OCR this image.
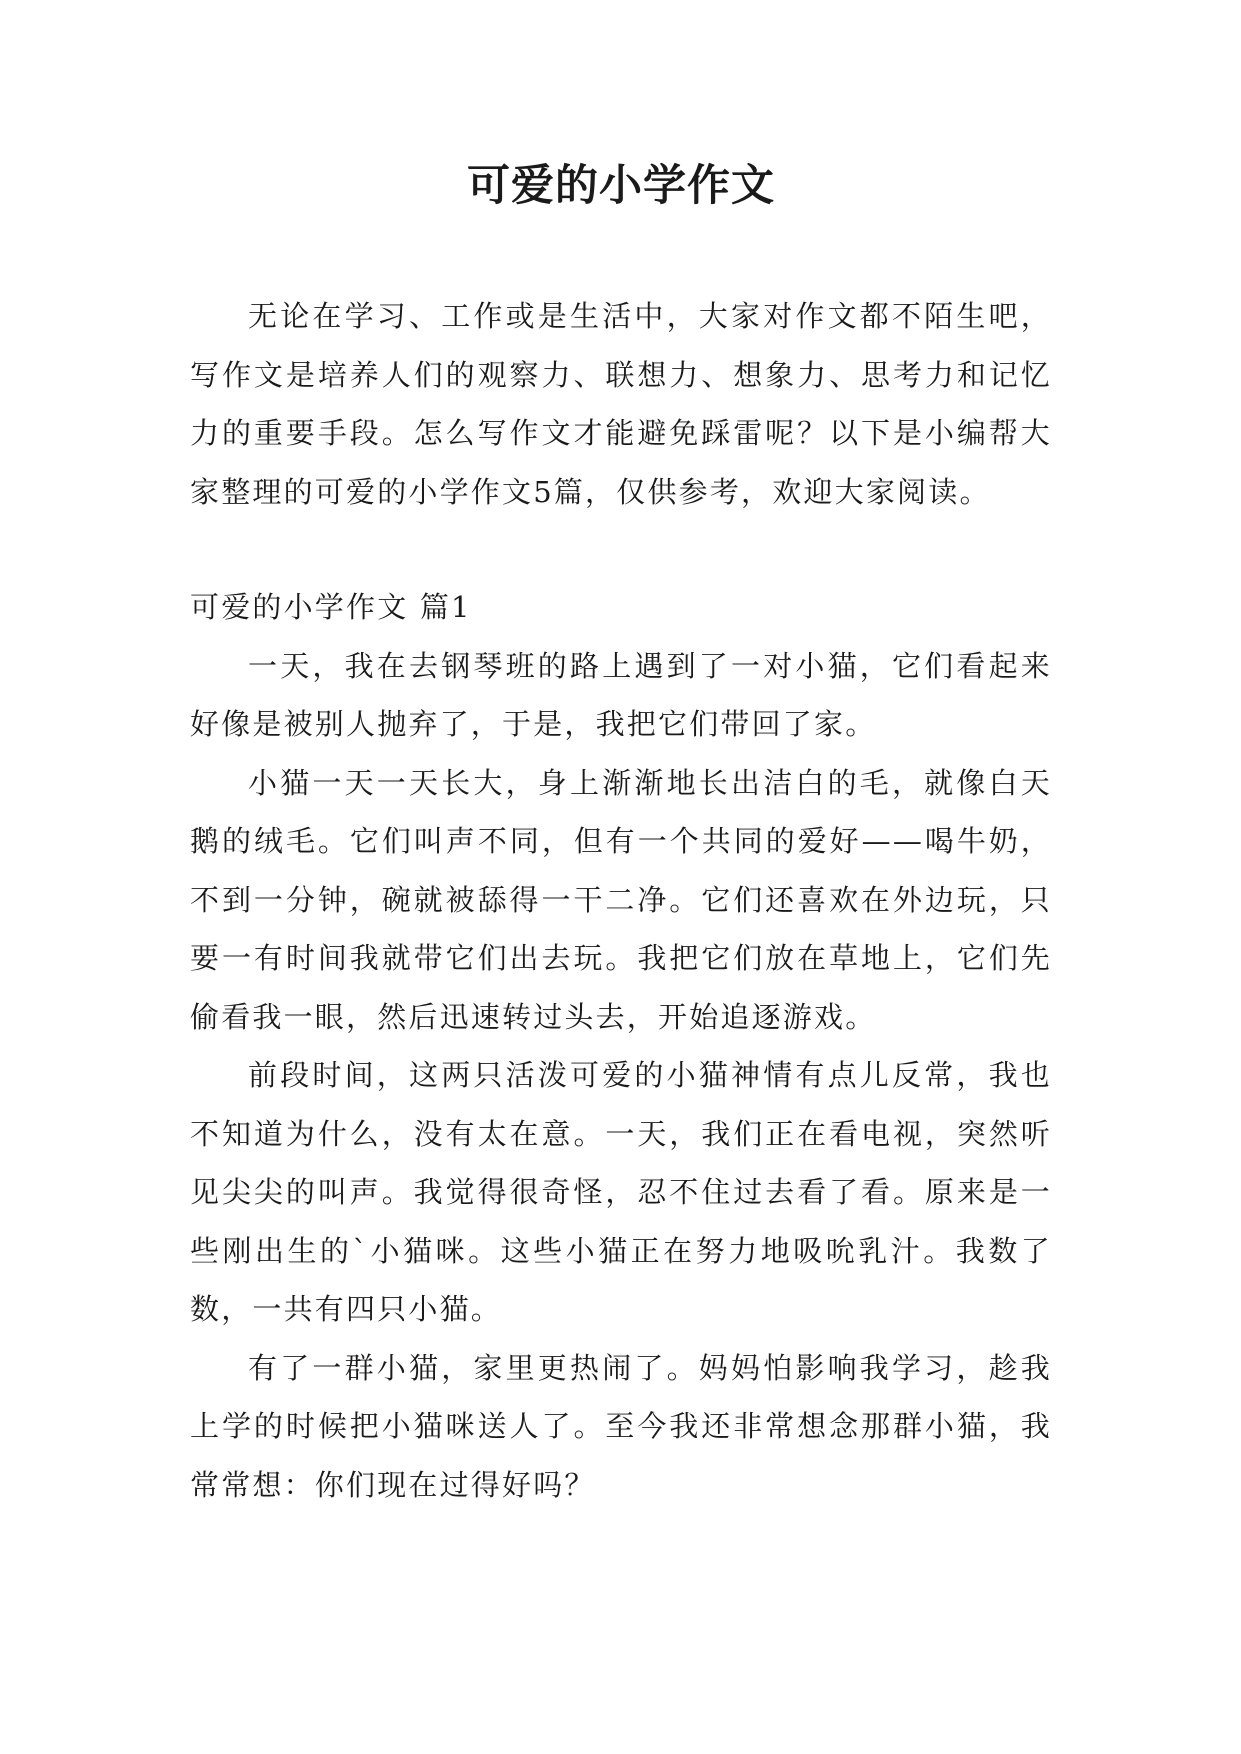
可爱的小学作文

无论在学习、工作或是生活中，大家对作文都不陌生吧，写作文是培养人们的观察力、联想力、想象力、思考力和记忆力的重要手段。怎么写作文才能避免踩雷呢？以下是小编帮大家整理的可爱的小学作文5篇，仅供参考，欢迎大家阅读。

可爱的小学作文 篇1

一天，我在去钢琴班的路上遇到了一对小猫，它们看起来好像是被别人抛弃了，于是，我把它们带回了家。

小猫一天一天长大，身上渐渐地长出洁白的毛，就像白天鹅的绒毛。它们叫声不同，但有一个共同的爱好——喝牛奶，不到一分钟，碗就被舔得一干二净。它们还喜欢在外边玩，只要一有时间我就带它们出去玩。我把它们放在草地上，它们先偷看我一眼，然后迅速转过头去，开始追逐游戏。

前段时间，这两只活泼可爱的小猫神情有点儿反常，我也不知道为什么，没有太在意。一天，我们正在看电视，突然听见尖尖的叫声。我觉得很奇怪，忍不住过去看了看。原来是一些刚出生的`小猫咪。这些小猫正在努力地吸吮乳汁。我数了数，一共有四只小猫。

有了一群小猫，家里更热闹了。妈妈怕影响我学习，趁我上学的时候把小猫咪送人了。至今我还非常想念那群小猫，我常常想：你们现在过得好吗？
